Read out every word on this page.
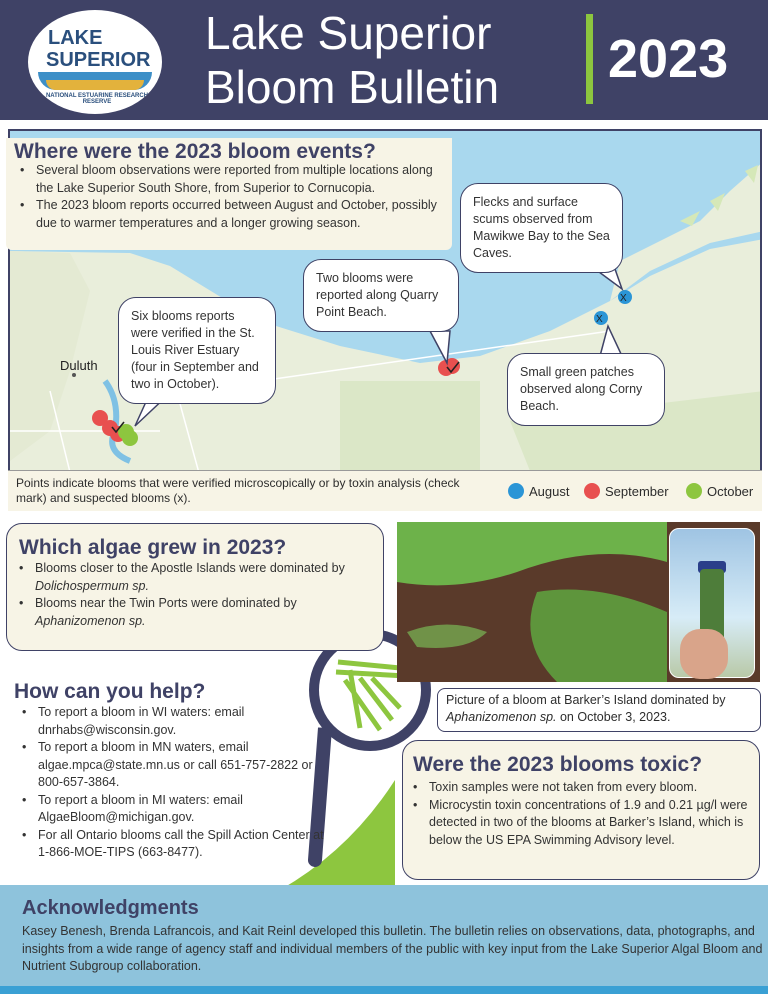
LAKE
SUPERIOR
NATIONAL ESTUARINE RESEARCH RESERVE
Lake Superior
Bloom Bulletin 2023
X
X
Where were the 2023 bloom events?
• Several bloom observations were reported from multiple locations along the Lake Superior South Shore, from Superior to Cornucopia.
• The 2023 bloom reports occurred between August and October, possibly due to warmer temperatures and a longer growing season.
Six blooms reports were verified in the St. Louis River Estuary (four in September and two in October).
Two blooms were reported along Quarry Point Beach.
Flecks and surface scums observed from Mawikwe Bay to the Sea Caves.
Small green patches observed along Corny Beach.
Duluth
Points indicate blooms that were verified microscopically or by toxin analysis (check mark) and suspected blooms (x).	August	September	October
Which algae grew in 2023?
• Blooms closer to the Apostle Islands were dominated by Dolichospermum sp.
• Blooms near the Twin Ports were dominated by Aphanizomenon sp.
Picture of a bloom at Barker’s Island dominated by Aphanizomenon sp. on October 3, 2023.
How can you help?
• To report a bloom in WI waters: email dnrhabs@wisconsin.gov.
• To report a bloom in MN waters, email algae.mpca@state.mn.us or call 651-757-2822 or 800-657-3864.
• To report a bloom in MI waters: email AlgaeBloom@michigan.gov.
• For all Ontario blooms call the Spill Action Center at 1-866-MOE-TIPS (663-8477).
Were the 2023 blooms toxic?
• Toxin samples were not taken from every bloom.
• Microcystin toxin concentrations of 1.9 and 0.21 µg/l were detected in two of the blooms at Barker’s Island, which is below the US EPA Swimming Advisory level.
Acknowledgments
Kasey Benesh, Brenda Lafrancois, and Kait Reinl developed this bulletin. The bulletin relies on observations, data, photographs, and insights from a wide range of agency staff and individual members of the public with key input from the Lake Superior Algal Bloom and Nutrient Subgroup collaboration.
